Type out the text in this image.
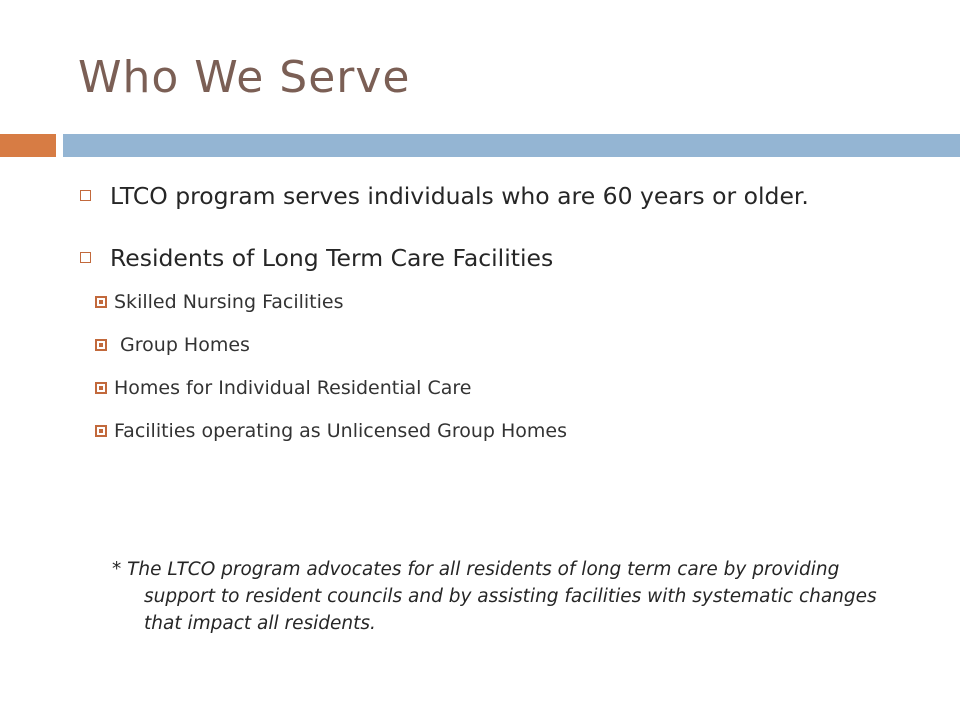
Who We Serve
LTCO program serves individuals who are 60 years or older.
Residents of Long Term Care Facilities
Skilled Nursing Facilities
Group Homes
Homes for Individual Residential Care
Facilities operating as Unlicensed Group Homes
* The LTCO program advocates for all residents of long term care by providing support to resident councils and by assisting facilities with systematic changes that impact all residents.
